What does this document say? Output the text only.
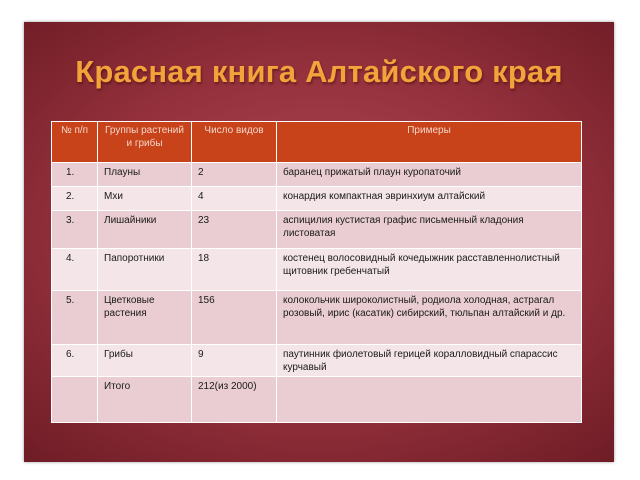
Красная книга Алтайского края
№ п/п	Группы растений и грибы	Число видов	Примеры
1.	Плауны	2	баранец прижатый плаун куропаточий
2.	Мхи	4	конардия компактная эвринхиум алтайский
3.	Лишайники	23	аспицилия кустистая графис письменный кладония листоватая
4.	Папоротники	18	костенец волосовидный кочедыжник расставленнолистный щитовник гребенчатый
5.	Цветковые растения	156	колокольчик широколистный, родиола холодная, астрагал розовый, ирис (касатик) сибирский, тюльпан алтайский и др.
6.	Грибы	9	паутинник фиолетовый герицей коралловидный спарассис курчавый
	Итого	212(из 2000)	
